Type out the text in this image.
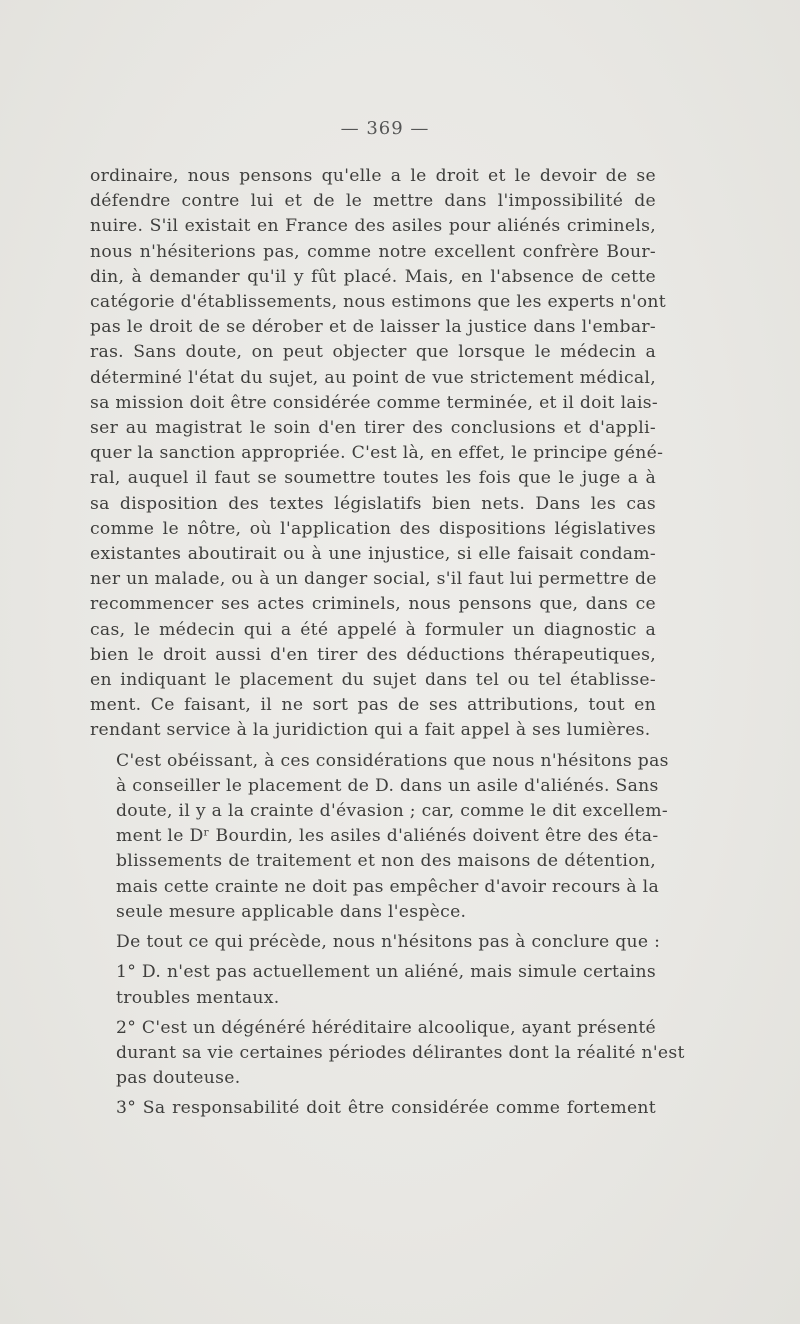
— 369 —
ordinaire, nous pensons qu'elle a le droit et le devoir de se
défendre contre lui et de le mettre dans l'impossibilité de
nuire. S'il existait en France des asiles pour aliénés criminels,
nous n'hésiterions pas, comme notre excellent confrère Bour-
din, à demander qu'il y fût placé. Mais, en l'absence de cette
catégorie d'établissements, nous estimons que les experts n'ont
pas le droit de se dérober et de laisser la justice dans l'embar-
ras. Sans doute, on peut objecter que lorsque le médecin a
déterminé l'état du sujet, au point de vue strictement médical,
sa mission doit être considérée comme terminée, et il doit lais-
ser au magistrat le soin d'en tirer des conclusions et d'appli-
quer la sanction appropriée. C'est là, en effet, le principe géné-
ral, auquel il faut se soumettre toutes les fois que le juge a à
sa disposition des textes législatifs bien nets. Dans les cas
comme le nôtre, où l'application des dispositions législatives
existantes aboutirait ou à une injustice, si elle faisait condam-
ner un malade, ou à un danger social, s'il faut lui permettre de
recommencer ses actes criminels, nous pensons que, dans ce
cas, le médecin qui a été appelé à formuler un diagnostic a
bien le droit aussi d'en tirer des déductions thérapeutiques,
en indiquant le placement du sujet dans tel ou tel établisse-
ment. Ce faisant, il ne sort pas de ses attributions, tout en
rendant service à la juridiction qui a fait appel à ses lumières.
C'est obéissant, à ces considérations que nous n'hésitons pas
à conseiller le placement de D. dans un asile d'aliénés. Sans
doute, il y a la crainte d'évasion ; car, comme le dit excellem-
ment le Dʳ Bourdin, les asiles d'aliénés doivent être des éta-
blissements de traitement et non des maisons de détention,
mais cette crainte ne doit pas empêcher d'avoir recours à la
seule mesure applicable dans l'espèce.
De tout ce qui précède, nous n'hésitons pas à conclure que :
1° D. n'est pas actuellement un aliéné, mais simule certains
troubles mentaux.
2° C'est un dégénéré héréditaire alcoolique, ayant présenté
durant sa vie certaines périodes délirantes dont la réalité n'est
pas douteuse.
3° Sa responsabilité doit être considérée comme fortement
